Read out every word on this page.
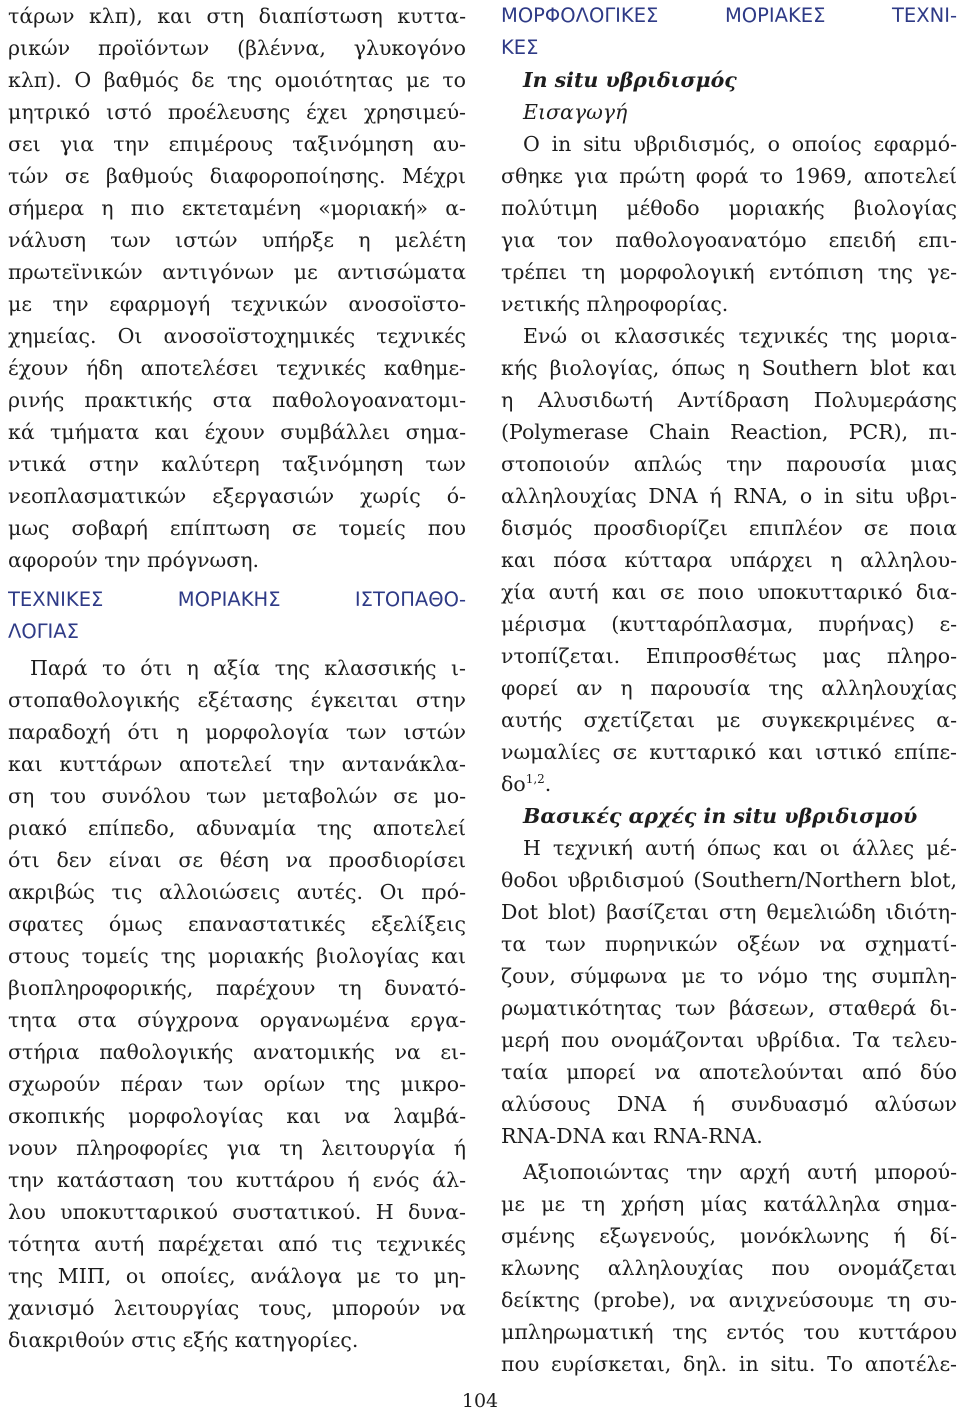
τάρων κλπ), και στη διαπίστωση κυττα-
ρικών προϊόντων (βλέννα, γλυκογόνο
κλπ). Ο βαθμός δε της ομοιότητας με το
μητρικό ιστό προέλευσης έχει χρησιμεύ-
σει για την επιμέρους ταξινόμηση αυ-
τών σε βαθμούς διαφοροποίησης. Μέχρι
σήμερα η πιο εκτεταμένη «μοριακή» α-
νάλυση των ιστών υπήρξε η μελέτη
πρωτεϊνικών αντιγόνων με αντισώματα
με την εφαρμογή τεχνικών ανοσοϊστο-
χημείας. Οι ανοσοϊστοχημικές τεχνικές
έχουν ήδη αποτελέσει τεχνικές καθημε-
ρινής πρακτικής στα παθολογοανατομι-
κά τμήματα και έχουν συμβάλλει σημα-
ντικά στην καλύτερη ταξινόμηση των
νεοπλασματικών εξεργασιών χωρίς ό-
μως σοβαρή επίπτωση σε τομείς που
αφορούν την πρόγνωση.
ΤΕΧΝΙΚΕΣ ΜΟΡΙΑΚΗΣ ΙΣΤΟΠΑΘΟ-
ΛΟΓΙΑΣ
Παρά το ότι η αξία της κλασσικής ι-
στοπαθολογικής εξέτασης έγκειται στην
παραδοχή ότι η μορφολογία των ιστών
και κυττάρων αποτελεί την αντανάκλα-
ση του συνόλου των μεταβολών σε μο-
ριακό επίπεδο, αδυναμία της αποτελεί
ότι δεν είναι σε θέση να προσδιορίσει
ακριβώς τις αλλοιώσεις αυτές. Οι πρό-
σφατες όμως επαναστατικές εξελίξεις
στους τομείς της μοριακής βιολογίας και
βιοπληροφορικής, παρέχουν τη δυνατό-
τητα στα σύγχρονα οργανωμένα εργα-
στήρια παθολογικής ανατομικής να ει-
σχωρούν πέραν των ορίων της μικρο-
σκοπικής μορφολογίας και να λαμβά-
νουν πληροφορίες για τη λειτουργία ή
την κατάσταση του κυττάρου ή ενός άλ-
λου υποκυτταρικού συστατικού. Η δυνα-
τότητα αυτή παρέχεται από τις τεχνικές
της ΜΙΠ, οι οποίες, ανάλογα με το μη-
χανισμό λειτουργίας τους, μπορούν να
διακριθούν στις εξής κατηγορίες.
ΜΟΡΦΟΛΟΓΙΚΕΣ ΜΟΡΙΑΚΕΣ ΤΕΧΝΙ-
ΚΕΣ
In situ υβριδισμός
Εισαγωγή
Ο in situ υβριδισμός, ο οποίος εφαρμό-
σθηκε για πρώτη φορά το 1969, αποτελεί
πολύτιμη μέθοδο μοριακής βιολογίας
για τον παθολογοανατόμο επειδή επι-
τρέπει τη μορφολογική εντόπιση της γε-
νετικής πληροφορίας.
Ενώ οι κλασσικές τεχνικές της μορια-
κής βιολογίας, όπως η Southern blot και
η Αλυσιδωτή Αντίδραση Πολυμεράσης
(Polymerase Chain Reaction, PCR), πι-
στοποιούν απλώς την παρουσία μιας
αλληλουχίας DNA ή RNA, ο in situ υβρι-
δισμός προσδιορίζει επιπλέον σε ποια
και πόσα κύτταρα υπάρχει η αλληλου-
χία αυτή και σε ποιο υποκυτταρικό δια-
μέρισμα (κυτταρόπλασμα, πυρήνας) ε-
ντοπίζεται. Επιπροσθέτως μας πληρο-
φορεί αν η παρουσία της αλληλουχίας
αυτής σχετίζεται με συγκεκριμένες α-
νωμαλίες σε κυτταρικό και ιστικό επίπε-
δο$^{1,2}$.
Βασικές αρχές in situ υβριδισμού
Η τεχνική αυτή όπως και οι άλλες μέ-
θοδοι υβριδισμού (Southern/Northern blot,
Dot blot) βασίζεται στη θεμελιώδη ιδιότη-
τα των πυρηνικών οξέων να σχηματί-
ζουν, σύμφωνα με το νόμο της συμπλη-
ρωματικότητας των βάσεων, σταθερά δι-
μερή που ονομάζονται υβρίδια. Τα τελευ-
ταία μπορεί να αποτελούνται από δύο
αλύσους DNA ή συνδυασμό αλύσων
RNA-DNA και RNA-RNA.
Αξιοποιώντας την αρχή αυτή μπορού-
με με τη χρήση μίας κατάλληλα σημα-
σμένης εξωγενούς, μονόκλωνης ή δί-
κλωνης αλληλουχίας που ονομάζεται
δείκτης (probe), να ανιχνεύσουμε τη συ-
μπληρωματική της εντός του κυττάρου
που ευρίσκεται, δηλ. in situ. Το αποτέλε-
104
